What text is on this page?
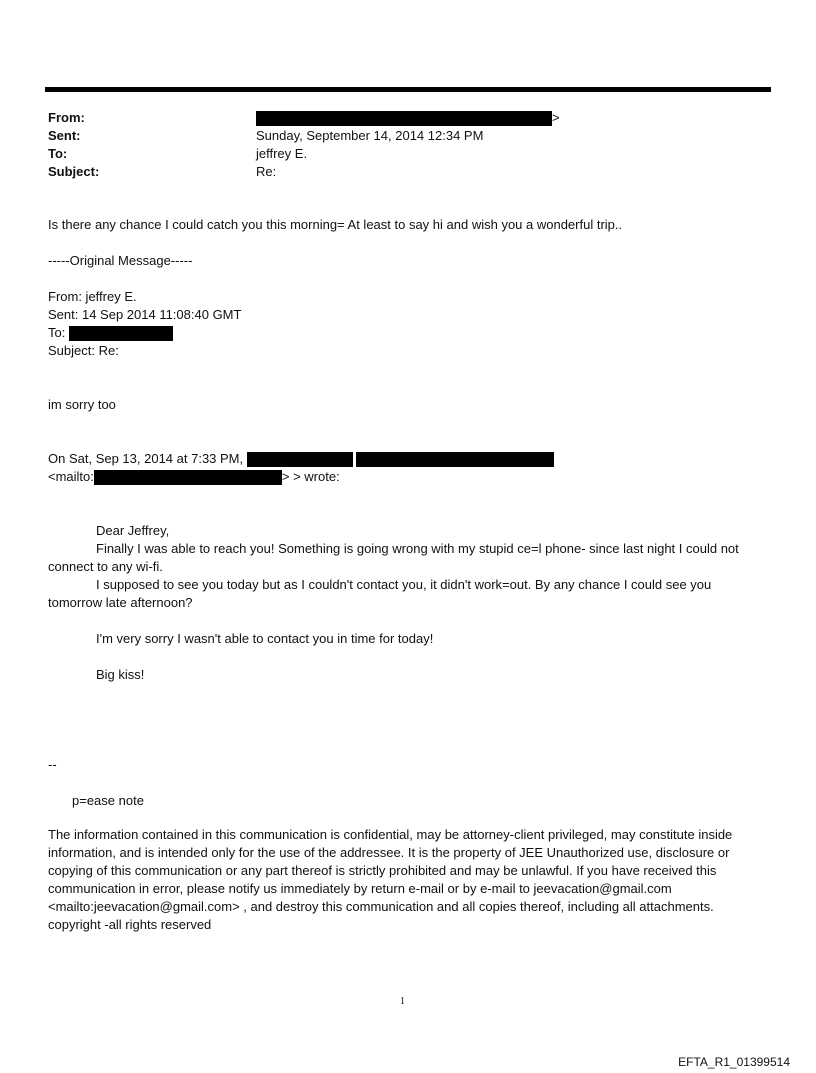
From:	>
Sent:	Sunday, September 14, 2014 12:34 PM
To:	jeffrey E.
Subject:	Re:
Is there any chance I could catch you this morning= At least to say hi and wish you a wonderful trip..
-----Original Message-----
From: jeffrey E.
Sent: 14 Sep 2014 11:08:40 GMT
To:
Subject: Re:
im sorry too
On Sat, Sep 13, 2014 at 7:33 PM,
<mailto:	> > wrote:
Dear Jeffrey,
Finally I was able to reach you! Something is going wrong with my stupid ce=l phone- since last night I could not
connect to any wi-fi.
I supposed to see you today but as I couldn't contact you, it didn't work=out. By any chance I could see you
tomorrow late afternoon?
I'm very sorry I wasn't able to contact you in time for today!
Big kiss!
--
p=ease note
The information contained in this communication is confidential, may be attorney-client privileged, may constitute inside information, and is intended only for the use of the addressee. It is the property of JEE Unauthorized use, disclosure or copying of this communication or any part thereof is strictly prohibited and may be unlawful. If you have received this communication in error, please notify us immediately by return e-mail or by e-mail to jeevacation@gmail.com <mailto:jeevacation@gmail.com> , and destroy this communication and all copies thereof, including all attachments. copyright -all rights reserved
1
EFTA_R1_01399514
